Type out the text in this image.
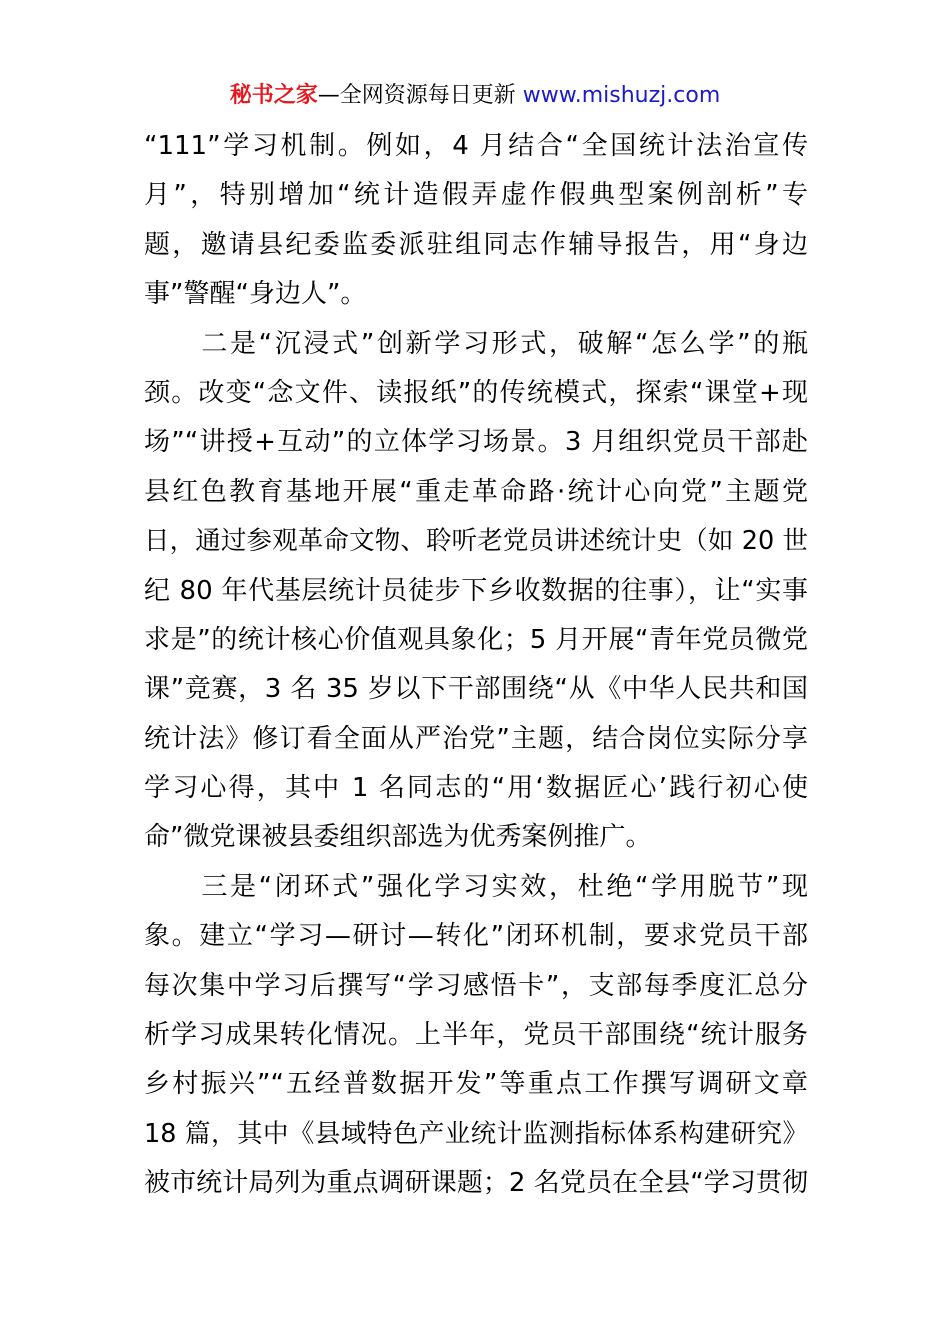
秘书之家—全网资源每日更新 www.mishuzj.com
“111”学习机制。例如，4 月结合“全国统计法治宣传
月”，特别增加“统计造假弄虚作假典型案例剖析”专
题，邀请县纪委监委派驻组同志作辅导报告，用“身边
事”警醒“身边人”。
　　二是“沉浸式”创新学习形式，破解“怎么学”的瓶
颈。改变“念文件、读报纸”的传统模式，探索“课堂+现
场”“讲授+互动”的立体学习场景。3 月组织党员干部赴
县红色教育基地开展“重走革命路·统计心向党”主题党
日，通过参观革命文物、聆听老党员讲述统计史（如 20 世
纪 80 年代基层统计员徒步下乡收数据的往事），让“实事
求是”的统计核心价值观具象化；5 月开展“青年党员微党
课”竞赛，3 名 35 岁以下干部围绕“从《中华人民共和国
统计法》修订看全面从严治党”主题，结合岗位实际分享
学习心得，其中 1 名同志的“用‘数据匠心’践行初心使
命”微党课被县委组织部选为优秀案例推广。
　　三是“闭环式”强化学习实效，杜绝“学用脱节”现
象。建立“学习—研讨—转化”闭环机制，要求党员干部
每次集中学习后撰写“学习感悟卡”，支部每季度汇总分
析学习成果转化情况。上半年，党员干部围绕“统计服务
乡村振兴”“五经普数据开发”等重点工作撰写调研文章
18 篇，其中《县域特色产业统计监测指标体系构建研究》
被市统计局列为重点调研课题；2 名党员在全县“学习贯彻
